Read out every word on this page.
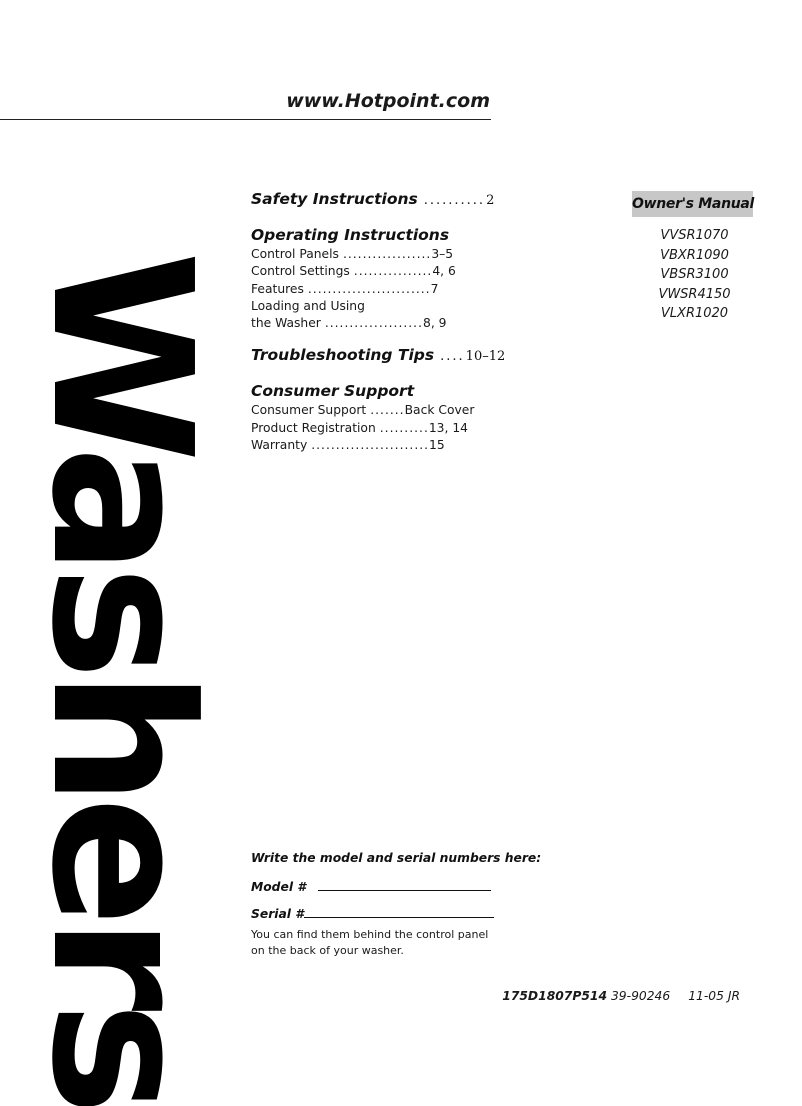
www.Hotpoint.com
Washers
Safety Instructions .......... 2
Operating Instructions
Control Panels ..................3–5
Control Settings ................4, 6
Features .........................7
Loading and Using
the Washer ....................8, 9
Troubleshooting Tips .... 10–12
Consumer Support
Consumer Support .......Back Cover
Product Registration ..........13, 14
Warranty ........................15
Owner's Manual
VVSR1070
VBXR1090
VBSR3100
VWSR4150
VLXR1020
Write the model and serial numbers here:
Model #
Serial #
You can find them behind the control panel
on the back of your washer.
175D1807P514 39-90246 11-05 JR
